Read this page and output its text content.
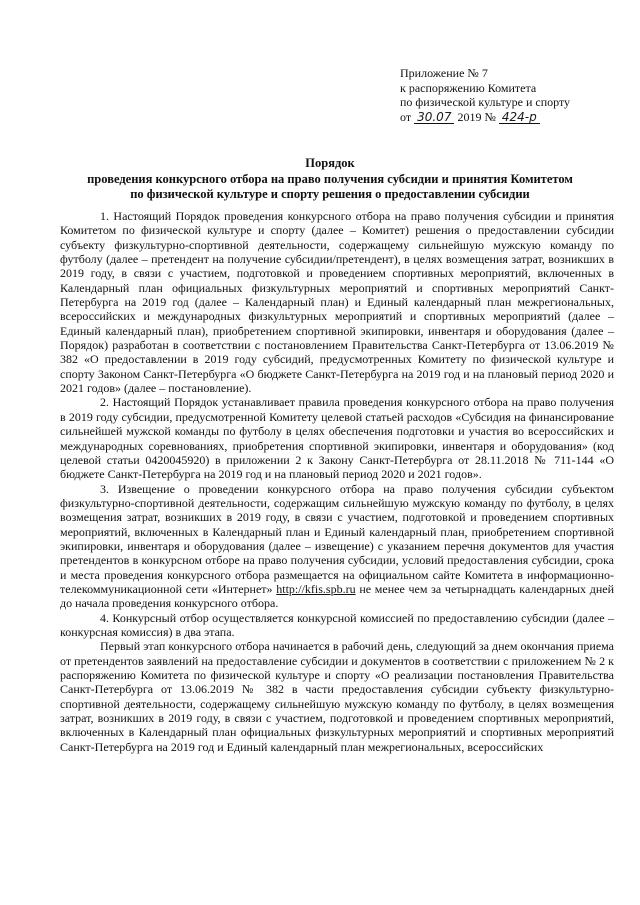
Приложение № 7
к распоряжению Комитета
по физической культуре и спорту
от 30.07 2019 № 424-р
Порядок
проведения конкурсного отбора на право получения субсидии и принятия Комитетом
по физической культуре и спорту решения о предоставлении субсидии

1. Настоящий Порядок проведения конкурсного отбора на право получения субсидии и принятия Комитетом по физической культуре и спорту (далее – Комитет) решения о предоставлении субсидии субъекту физкультурно-спортивной деятельности, содержащему сильнейшую мужскую команду по футболу (далее – претендент на получение субсидии/претендент), в целях возмещения затрат, возникших в 2019 году, в связи с участием, подготовкой и проведением спортивных мероприятий, включенных в Календарный план официальных физкультурных мероприятий и спортивных мероприятий Санкт-Петербурга на 2019 год (далее – Календарный план) и Единый календарный план межрегиональных, всероссийских и международных физкультурных мероприятий и спортивных мероприятий (далее – Единый календарный план), приобретением спортивной экипировки, инвентаря и оборудования (далее – Порядок) разработан в соответствии с постановлением Правительства Санкт-Петербурга от 13.06.2019 № 382 «О предоставлении в 2019 году субсидий, предусмотренных Комитету по физической культуре и спорту Законом Санкт-Петербурга «О бюджете Санкт-Петербурга на 2019 год и на плановый период 2020 и 2021 годов» (далее – постановление).

2. Настоящий Порядок устанавливает правила проведения конкурсного отбора на право получения в 2019 году субсидии, предусмотренной Комитету целевой статьей расходов «Субсидия на финансирование сильнейшей мужской команды по футболу в целях обеспечения подготовки и участия во всероссийских и международных соревнованиях, приобретения спортивной экипировки, инвентаря и оборудования» (код целевой статьи 0420045920) в приложении 2 к Закону Санкт-Петербурга от 28.11.2018 № 711-144 «О бюджете Санкт-Петербурга на 2019 год и на плановый период 2020 и 2021 годов».

3. Извещение о проведении конкурсного отбора на право получения субсидии субъектом физкультурно-спортивной деятельности, содержащим сильнейшую мужскую команду по футболу, в целях возмещения затрат, возникших в 2019 году, в связи с участием, подготовкой и проведением спортивных мероприятий, включенных в Календарный план и Единый календарный план, приобретением спортивной экипировки, инвентаря и оборудования (далее – извещение) с указанием перечня документов для участия претендентов в конкурсном отборе на право получения субсидии, условий предоставления субсидии, срока и места проведения конкурсного отбора размещается на официальном сайте Комитета в информационно-телекоммуникационной сети «Интернет» http://kfis.spb.ru не менее чем за четырнадцать календарных дней до начала проведения конкурсного отбора.

4. Конкурсный отбор осуществляется конкурсной комиссией по предоставлению субсидии (далее – конкурсная комиссия) в два этапа.

Первый этап конкурсного отбора начинается в рабочий день, следующий за днем окончания приема от претендентов заявлений на предоставление субсидии и документов в соответствии с приложением № 2 к распоряжению Комитета по физической культуре и спорту «О реализации постановления Правительства Санкт-Петербурга от 13.06.2019 № 382 в части предоставления субсидии субъекту физкультурно-спортивной деятельности, содержащему сильнейшую мужскую команду по футболу, в целях возмещения затрат, возникших в 2019 году, в связи с участием, подготовкой и проведением спортивных мероприятий, включенных в Календарный план официальных физкультурных мероприятий и спортивных мероприятий Санкт-Петербурга на 2019 год и Единый календарный план межрегиональных, всероссийских
